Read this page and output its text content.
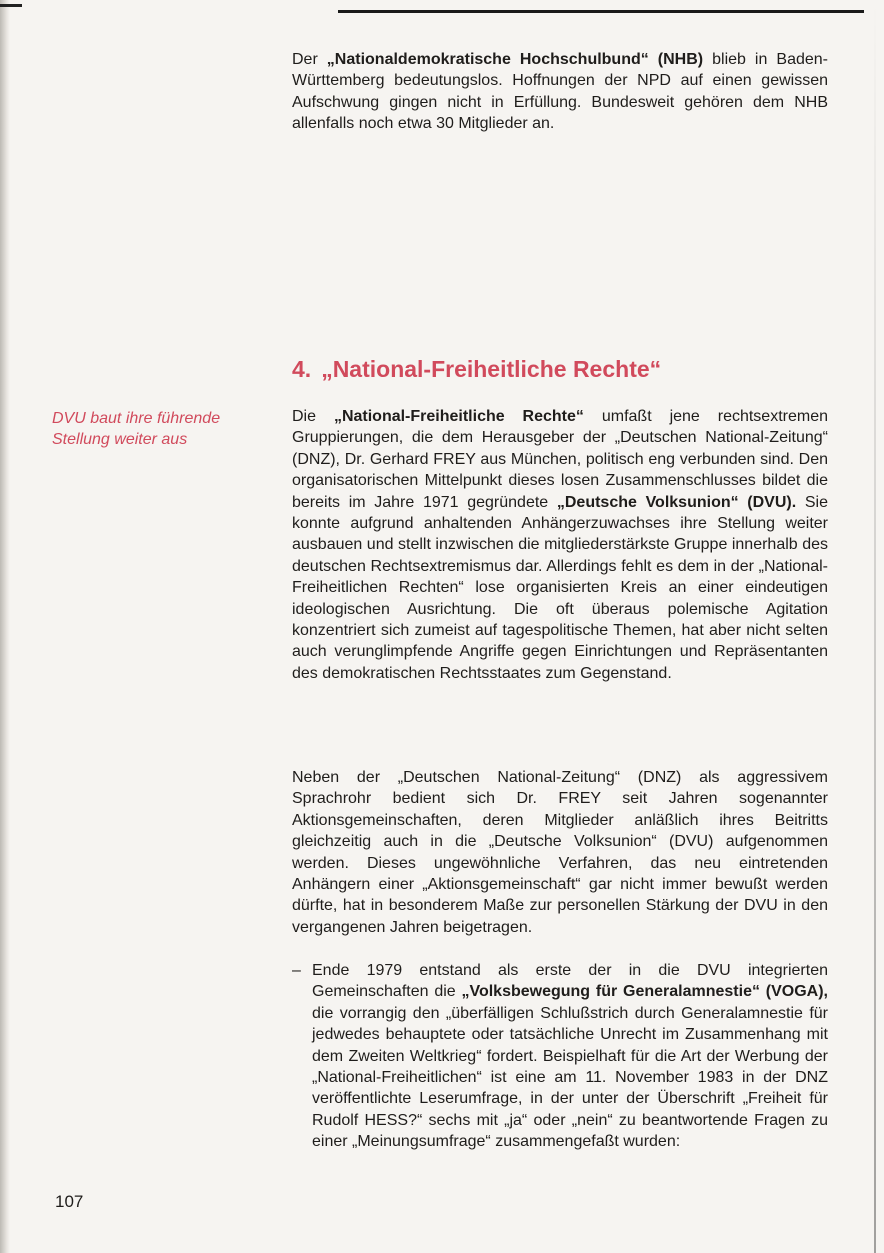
Der „Nationaldemokratische Hochschulbund“ (NHB) blieb in Baden-Württemberg bedeutungslos. Hoffnungen der NPD auf einen gewissen Aufschwung gingen nicht in Erfüllung. Bundesweit gehören dem NHB allenfalls noch etwa 30 Mitglieder an.

4. „National-Freiheitliche Rechte“

DVU baut ihre führende Stellung weiter aus

Die „National-Freiheitliche Rechte“ umfaßt jene rechtsextremen Gruppierungen, die dem Herausgeber der „Deutschen National-Zeitung“ (DNZ), Dr. Gerhard FREY aus München, politisch eng verbunden sind. Den organisatorischen Mittelpunkt dieses losen Zusammenschlusses bildet die bereits im Jahre 1971 gegründete „Deutsche Volksunion“ (DVU). Sie konnte aufgrund anhaltenden Anhängerzuwachses ihre Stellung weiter ausbauen und stellt inzwischen die mitgliederstärkste Gruppe innerhalb des deutschen Rechtsextremismus dar. Allerdings fehlt es dem in der „National-Freiheitlichen Rechten“ lose organisierten Kreis an einer eindeutigen ideologischen Ausrichtung. Die oft überaus polemische Agitation konzentriert sich zumeist auf tagespolitische Themen, hat aber nicht selten auch verunglimpfende Angriffe gegen Einrichtungen und Repräsentanten des demokratischen Rechtsstaates zum Gegenstand.

Neben der „Deutschen National-Zeitung“ (DNZ) als aggressivem Sprachrohr bedient sich Dr. FREY seit Jahren sogenannter Aktionsgemeinschaften, deren Mitglieder anläßlich ihres Beitritts gleichzeitig auch in die „Deutsche Volksunion“ (DVU) aufgenommen werden. Dieses ungewöhnliche Verfahren, das neu eintretenden Anhängern einer „Aktionsgemeinschaft“ gar nicht immer bewußt werden dürfte, hat in besonderem Maße zur personellen Stärkung der DVU in den vergangenen Jahren beigetragen.

– Ende 1979 entstand als erste der in die DVU integrierten Gemeinschaften die „Volksbewegung für Generalamnestie“ (VOGA), die vorrangig den „überfälligen Schlußstrich durch Generalamnestie für jedwedes behauptete oder tatsächliche Unrecht im Zusammenhang mit dem Zweiten Weltkrieg“ fordert. Beispielhaft für die Art der Werbung der „National-Freiheitlichen“ ist eine am 11. November 1983 in der DNZ veröffentlichte Leserumfrage, in der unter der Überschrift „Freiheit für Rudolf HESS?“ sechs mit „ja“ oder „nein“ zu beantwortende Fragen zu einer „Meinungsumfrage“ zusammengefaßt wurden:

107
